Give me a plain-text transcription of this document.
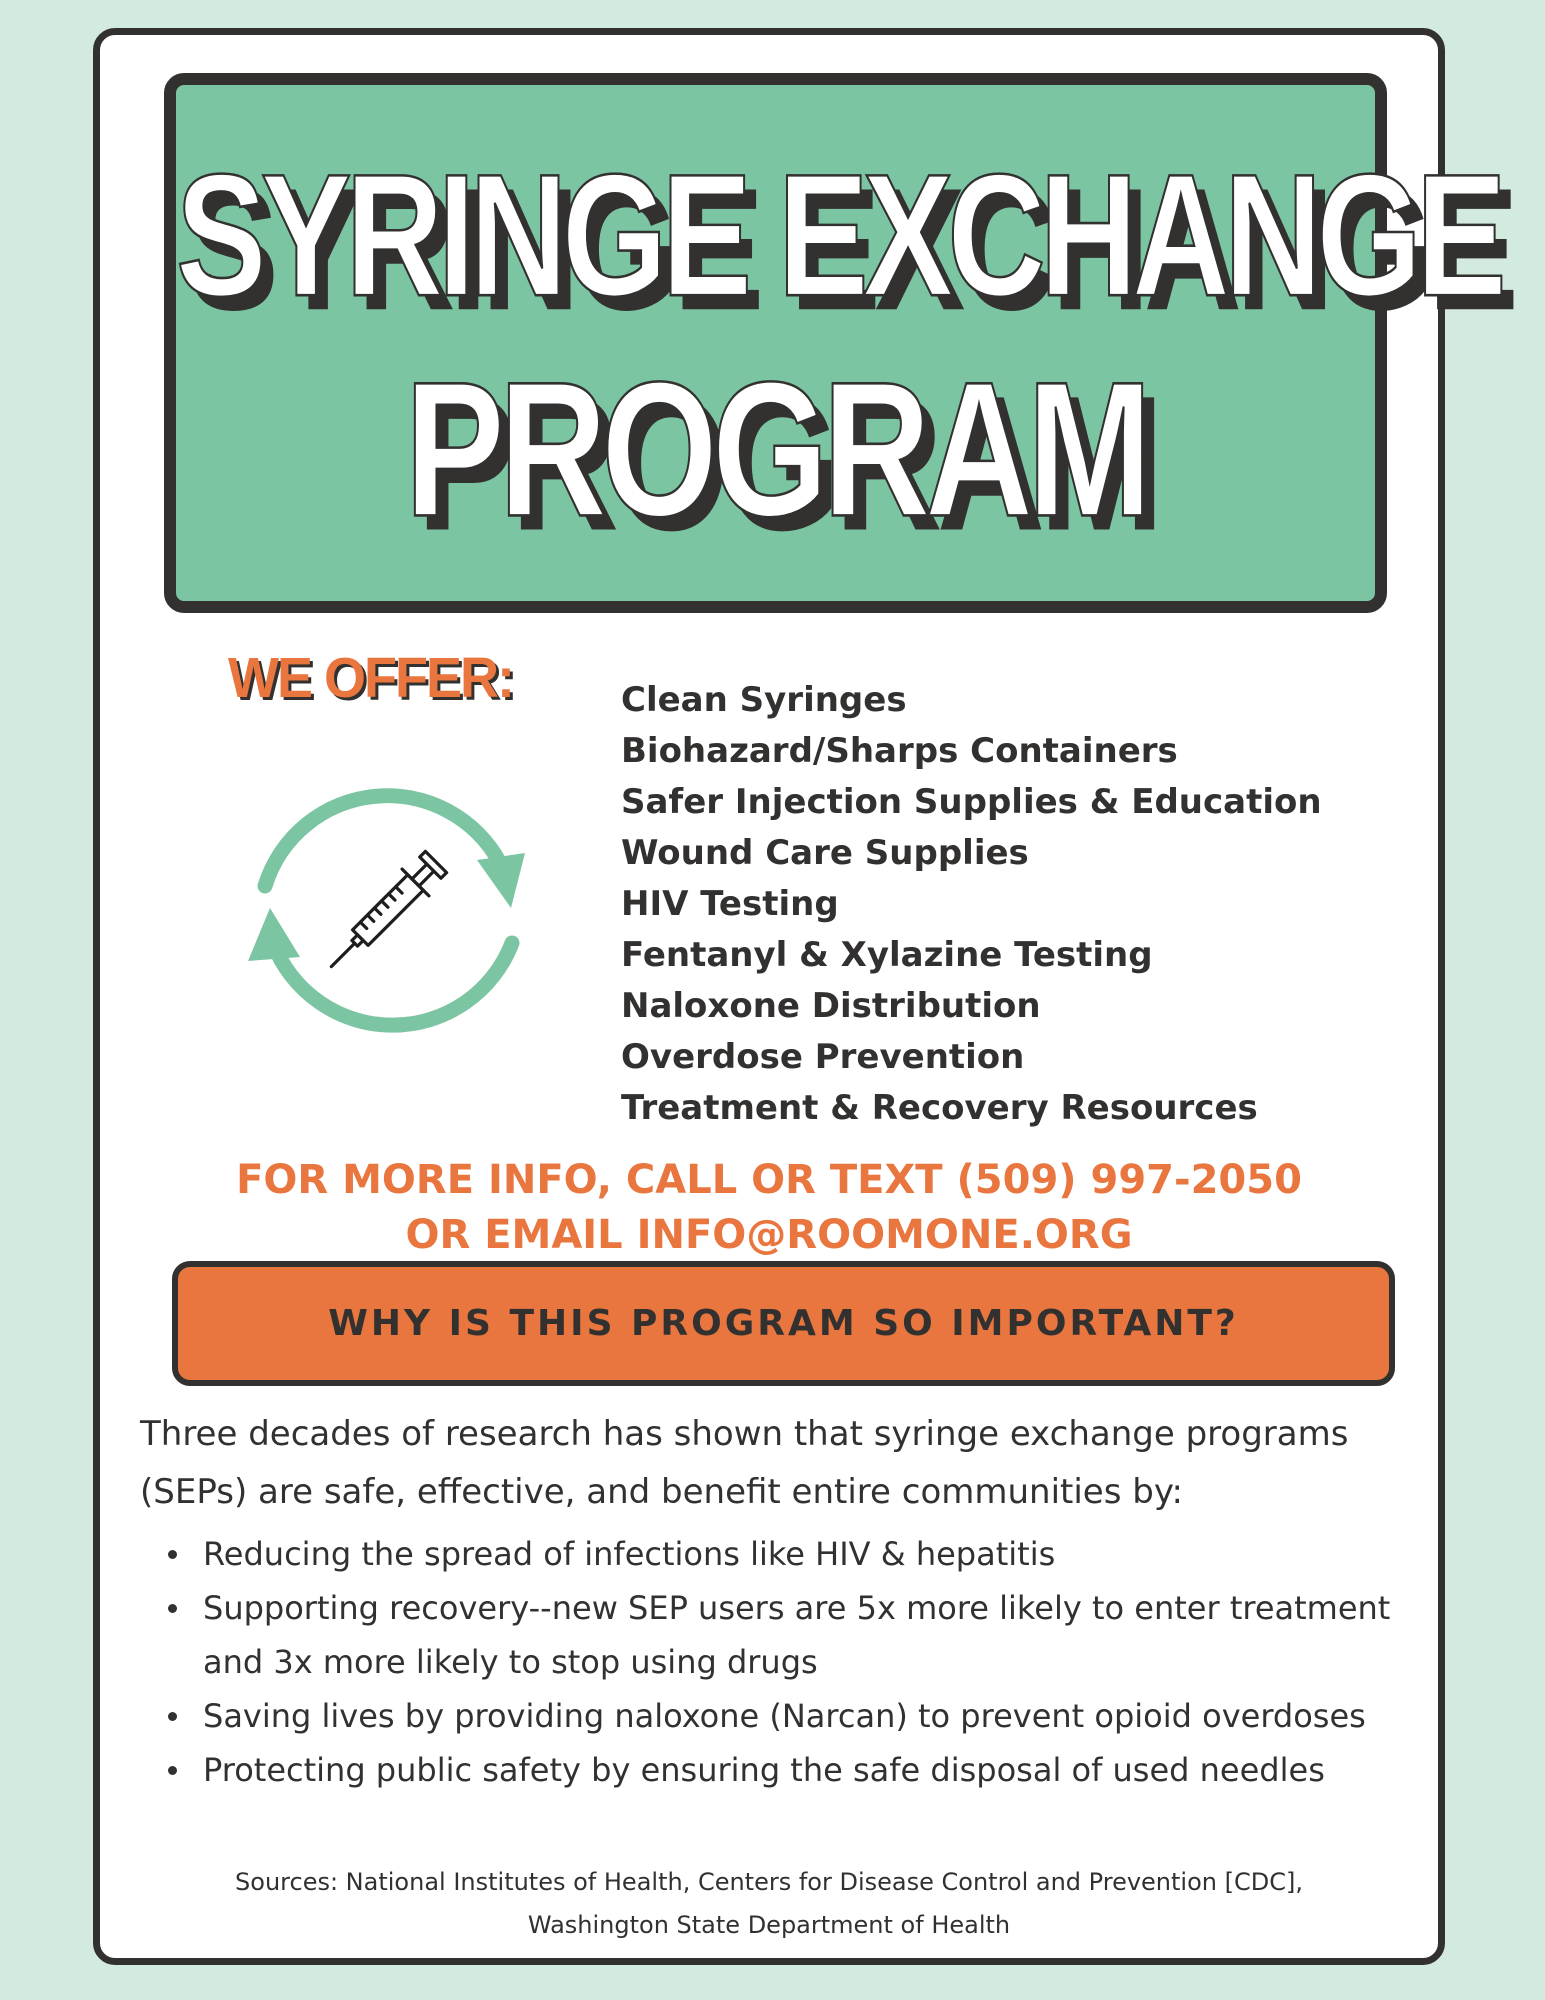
SYRINGE EXCHANGE
PROGRAM
WE OFFER:	Clean Syringes
Biohazard/Sharps Containers
Safer Injection Supplies & Education
Wound Care Supplies
HIV Testing
Fentanyl & Xylazine Testing
Naloxone Distribution
Overdose Prevention
Treatment & Recovery Resources
FOR MORE INFO, CALL OR TEXT (509) 997-2050
OR EMAIL INFO@ROOMONE.ORG
WHY IS THIS PROGRAM SO IMPORTANT?
Three decades of research has shown that syringe exchange programs (SEPs) are safe, effective, and benefit entire communities by:
Reducing the spread of infections like HIV & hepatitis
Supporting recovery--new SEP users are 5x more likely to enter treatment and 3x more likely to stop using drugs
Saving lives by providing naloxone (Narcan) to prevent opioid overdoses
Protecting public safety by ensuring the safe disposal of used needles
Sources: National Institutes of Health, Centers for Disease Control and Prevention [CDC],
Washington State Department of Health
